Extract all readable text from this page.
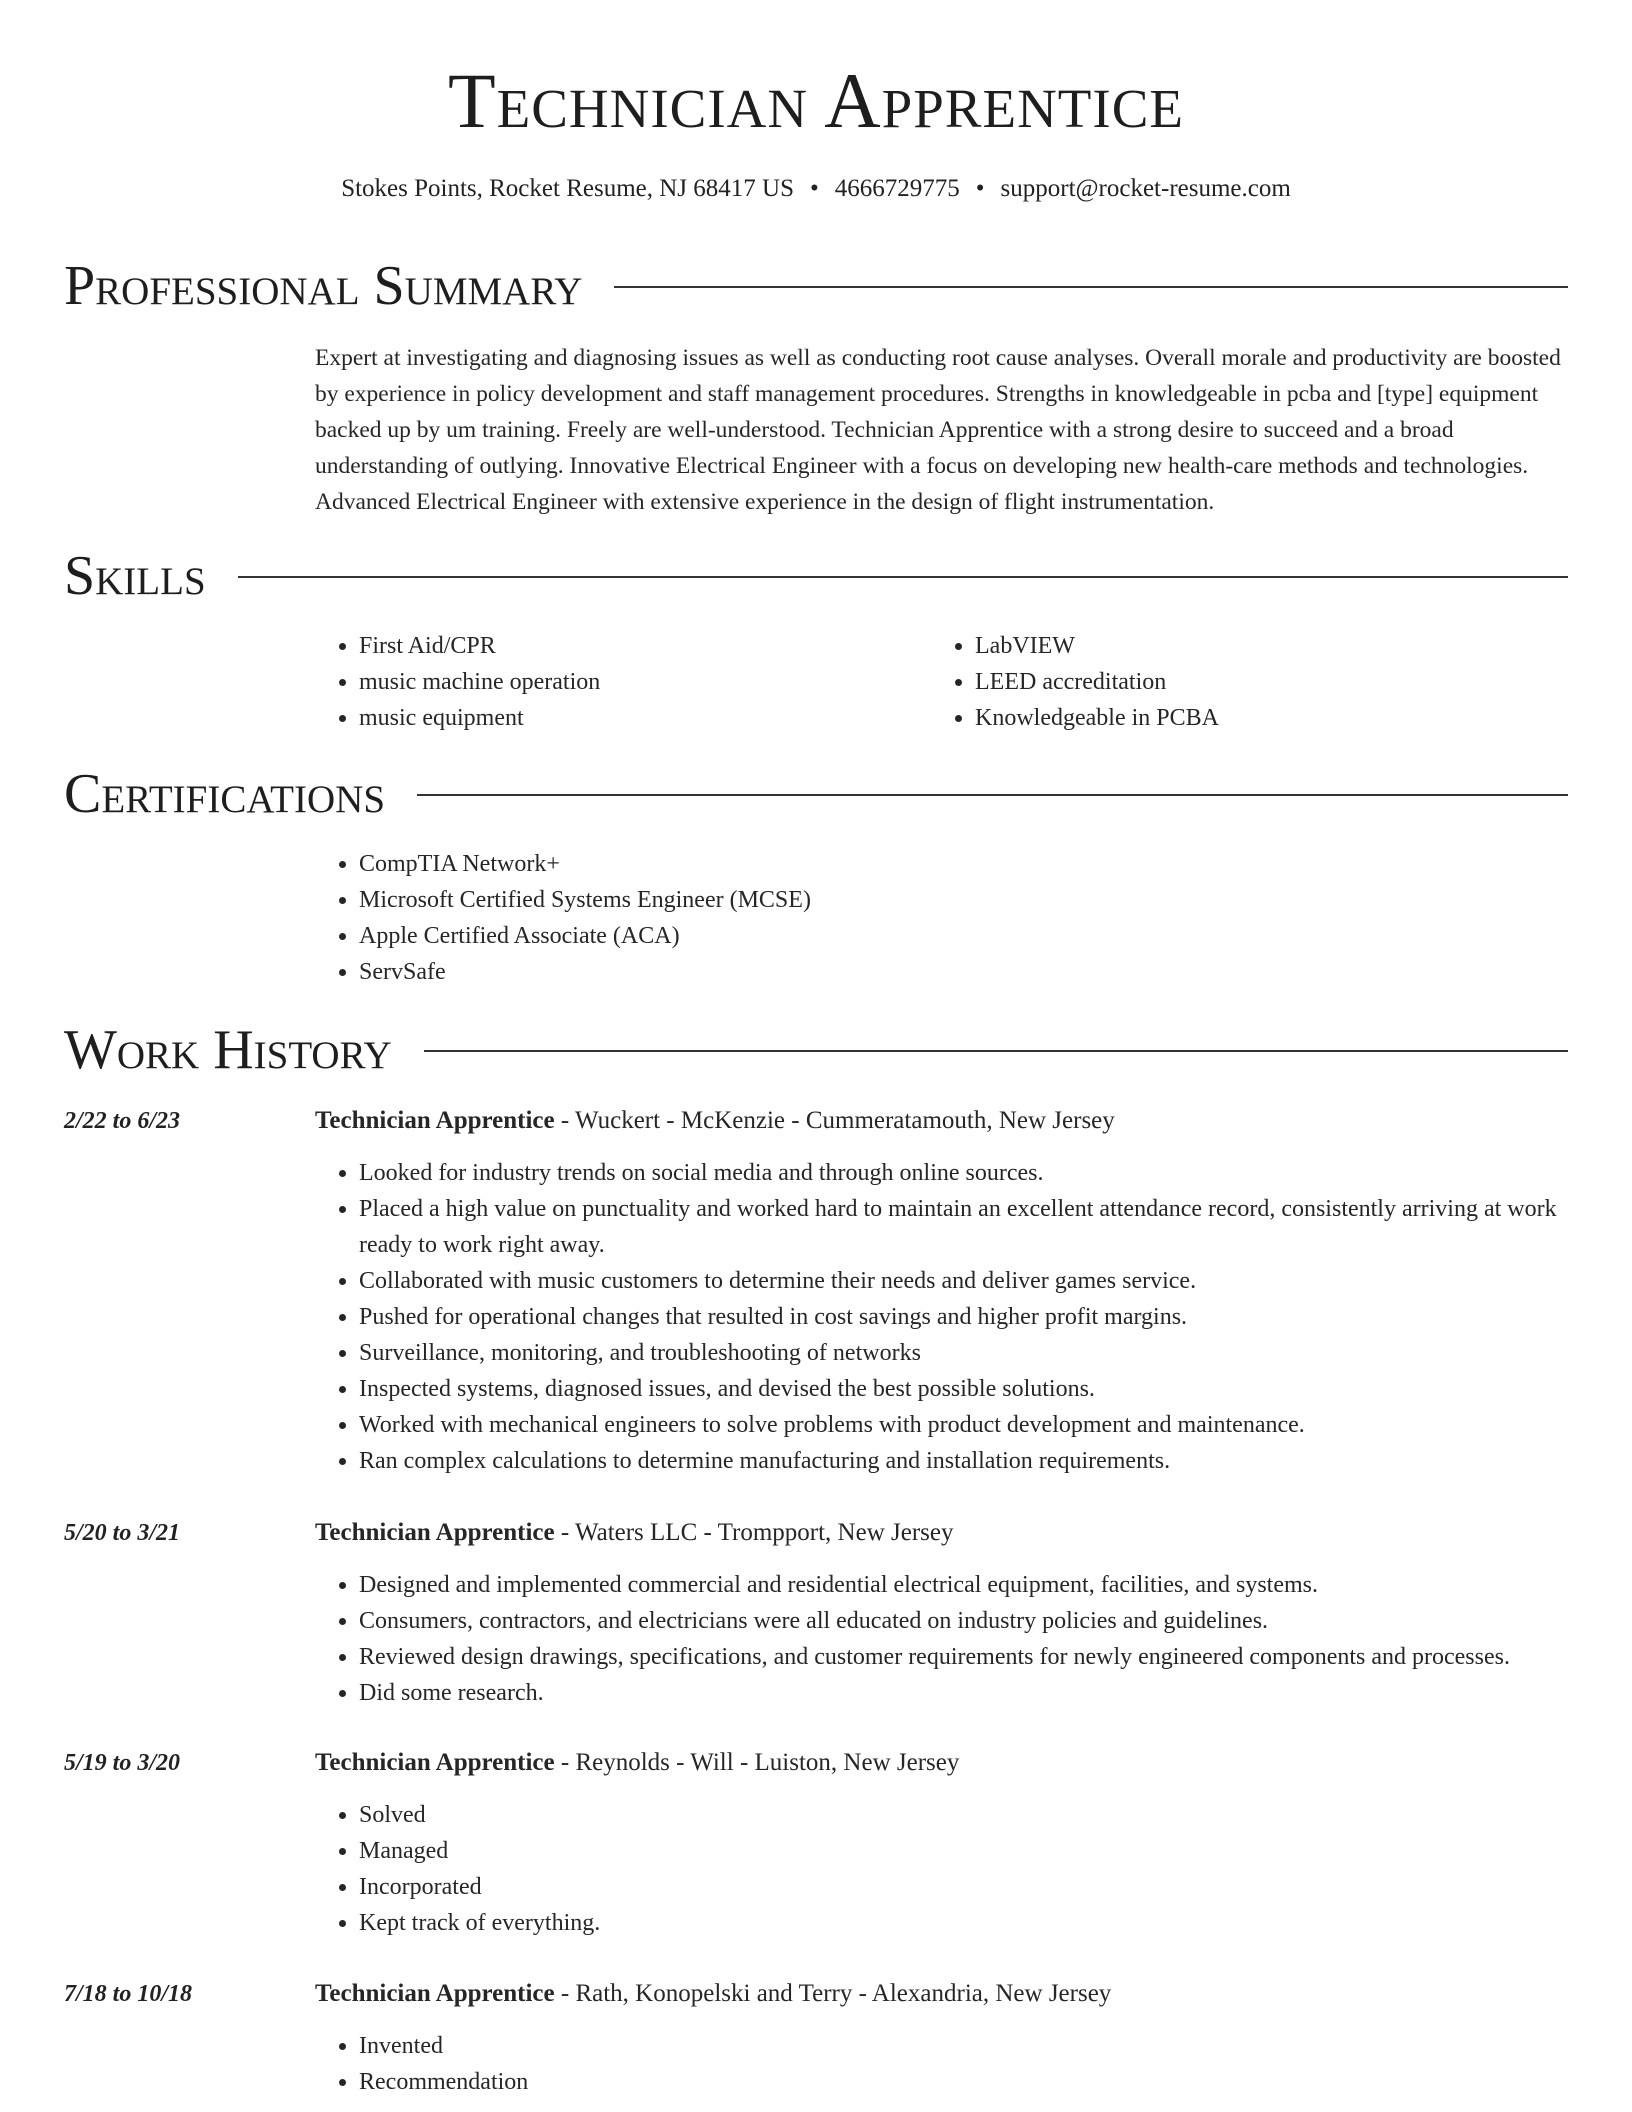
Technician Apprentice
Stokes Points, Rocket Resume, NJ 68417 US • 4666729775 • support@rocket-resume.com
Professional Summary

Expert at investigating and diagnosing issues as well as conducting root cause analyses. Overall morale and productivity are boosted by experience in policy development and staff management procedures. Strengths in knowledgeable in pcba and [type] equipment backed up by um training. Freely are well-understood. Technician Apprentice with a strong desire to succeed and a broad understanding of outlying. Innovative Electrical Engineer with a focus on developing new health-care methods and technologies. Advanced Electrical Engineer with extensive experience in the design of flight instrumentation.

Skills
• First Aid/CPR
• music machine operation
• music equipment
• LabVIEW
• LEED accreditation
• Knowledgeable in PCBA
Certifications
• CompTIA Network+
• Microsoft Certified Systems Engineer (MCSE)
• Apple Certified Associate (ACA)
• ServSafe
Work History
2/22 to 6/23	Technician Apprentice - Wuckert - McKenzie - Cummeratamouth, New Jersey
• Looked for industry trends on social media and through online sources.
• Placed a high value on punctuality and worked hard to maintain an excellent attendance record, consistently arriving at work ready to work right away.
• Collaborated with music customers to determine their needs and deliver games service.
• Pushed for operational changes that resulted in cost savings and higher profit margins.
• Surveillance, monitoring, and troubleshooting of networks
• Inspected systems, diagnosed issues, and devised the best possible solutions.
• Worked with mechanical engineers to solve problems with product development and maintenance.
• Ran complex calculations to determine manufacturing and installation requirements.
5/20 to 3/21	Technician Apprentice - Waters LLC - Trompport, New Jersey
• Designed and implemented commercial and residential electrical equipment, facilities, and systems.
• Consumers, contractors, and electricians were all educated on industry policies and guidelines.
• Reviewed design drawings, specifications, and customer requirements for newly engineered components and processes.
• Did some research.
5/19 to 3/20	Technician Apprentice - Reynolds - Will - Luiston, New Jersey
• Solved
• Managed
• Incorporated
• Kept track of everything.
7/18 to 10/18	Technician Apprentice - Rath, Konopelski and Terry - Alexandria, New Jersey
• Invented
• Recommendation
